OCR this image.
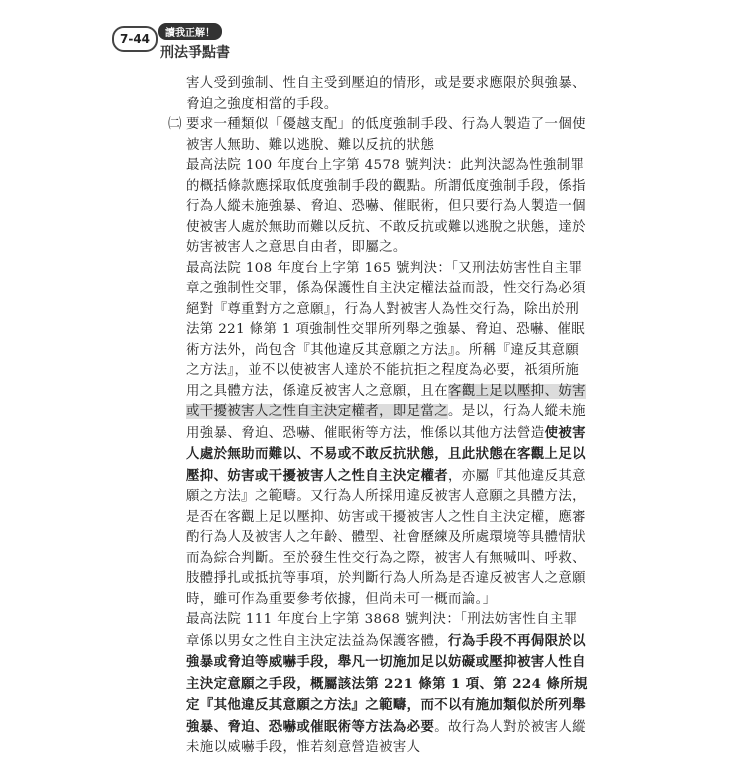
7-44	讀我正解！
刑法爭點書

害人受到強制、性自主受到壓迫的情形，或是要求應限於與強暴、脅迫之強度相當的手段。

㈡ 要求一種類似「優越支配」的低度強制手段、行為人製造了一個使被害人無助、難以逃脫、難以反抗的狀態

最高法院 100 年度台上字第 4578 號判決：此判決認為性強制罪的概括條款應採取低度強制手段的觀點。所謂低度強制手段，係指行為人縱未施強暴、脅迫、恐嚇、催眠術，但只要行為人製造一個使被害人處於無助而難以反抗、不敢反抗或難以逃脫之狀態，達於妨害被害人之意思自由者，即屬之。

最高法院 108 年度台上字第 165 號判決：「又刑法妨害性自主罪章之強制性交罪，係為保護性自主決定權法益而設，性交行為必須絕對『尊重對方之意願』，行為人對被害人為性交行為，除出於刑法第 221 條第 1 項強制性交罪所列舉之強暴、脅迫、恐嚇、催眠術方法外，尚包含『其他違反其意願之方法』。所稱『違反其意願之方法』，並不以使被害人達於不能抗拒之程度為必要，祇須所施用之具體方法，係違反被害人之意願，且在客觀上足以壓抑、妨害或干擾被害人之性自主決定權者，即足當之。是以，行為人縱未施用強暴、脅迫、恐嚇、催眠術等方法，惟係以其他方法營造使被害人處於無助而難以、不易或不敢反抗狀態，且此狀態在客觀上足以壓抑、妨害或干擾被害人之性自主決定權者，亦屬『其他違反其意願之方法』之範疇。又行為人所採用違反被害人意願之具體方法，是否在客觀上足以壓抑、妨害或干擾被害人之性自主決定權，應審酌行為人及被害人之年齡、體型、社會歷練及所處環境等具體情狀而為綜合判斷。至於發生性交行為之際，被害人有無喊叫、呼救、肢體掙扎或抵抗等事項，於判斷行為人所為是否違反被害人之意願時，雖可作為重要參考依據，但尚未可一概而論。」

最高法院 111 年度台上字第 3868 號判決：「刑法妨害性自主罪章係以男女之性自主決定法益為保護客體，行為手段不再侷限於以強暴或脅迫等威嚇手段，舉凡一切施加足以妨礙或壓抑被害人性自主決定意願之手段，概屬該法第 221 條第 1 項、第 224 條所規定『其他違反其意願之方法』之範疇，而不以有施加類似於所列舉強暴、脅迫、恐嚇或催眠術等方法為必要。故行為人對於被害人縱未施以威嚇手段，惟若刻意營造被害人
